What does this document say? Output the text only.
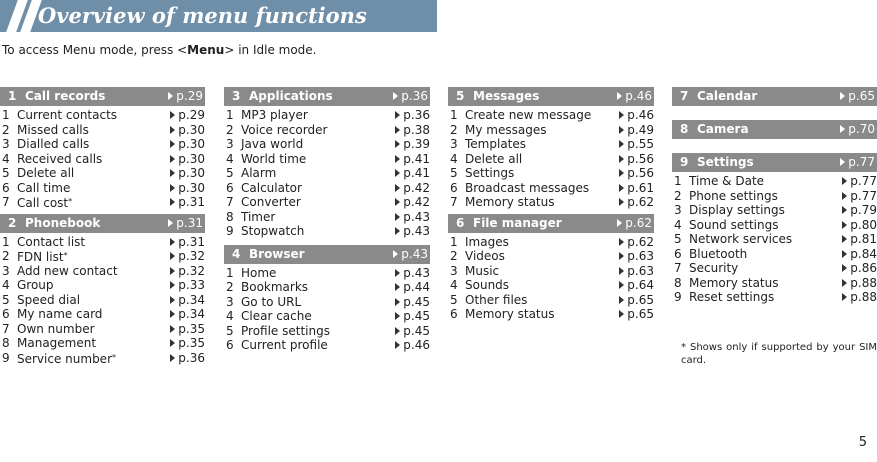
Overview of menu functions
To access Menu mode, press <Menu> in Idle mode.
1 Call records	p.29
1 Current contacts	p.29
2 Missed calls	p.30
3 Dialled calls	p.30
4 Received calls	p.30
5 Delete all	p.30
6 Call time	p.30
7 Call cost*	p.31
2 Phonebook	p.31
1 Contact list	p.31
2 FDN list*	p.32
3 Add new contact	p.32
4 Group	p.33
5 Speed dial	p.34
6 My name card	p.34
7 Own number	p.35
8 Management	p.35
9 Service number*	p.36
3 Applications	p.36
1 MP3 player	p.36
2 Voice recorder	p.38
3 Java world	p.39
4 World time	p.41
5 Alarm	p.41
6 Calculator	p.42
7 Converter	p.42
8 Timer	p.43
9 Stopwatch	p.43
4 Browser	p.43
1 Home	p.43
2 Bookmarks	p.44
3 Go to URL	p.45
4 Clear cache	p.45
5 Profile settings	p.45
6 Current profile	p.46
5 Messages	p.46
1 Create new message	p.46
2 My messages	p.49
3 Templates	p.55
4 Delete all	p.56
5 Settings	p.56
6 Broadcast messages	p.61
7 Memory status	p.62
6 File manager	p.62
1 Images	p.62
2 Videos	p.63
3 Music	p.63
4 Sounds	p.64
5 Other files	p.65
6 Memory status	p.65
7 Calendar	p.65
8 Camera	p.70
9 Settings	p.77
1 Time & Date	p.77
2 Phone settings	p.77
3 Display settings	p.79
4 Sound settings	p.80
5 Network services	p.81
6 Bluetooth	p.84
7 Security	p.86
8 Memory status	p.88
9 Reset settings	p.88
* Shows only if supported by your SIM card.
5
